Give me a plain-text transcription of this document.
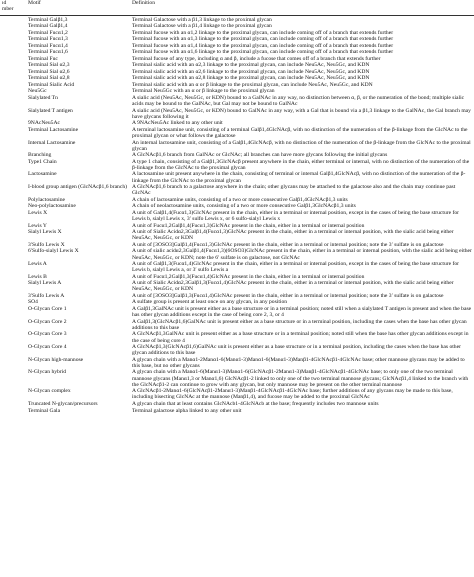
ıd
mber	Motif	Definition
	Terminal Galβ1,3	Terminal Galactose with a β1,3 linkage to the proximal glycan
	Terminal Galβ1,4	Terminal Galactose with a β1,4 linkage to the proximal glycan
	Terminal Fucα1,2	Terminal fucose with an α1,2 linkage to the proximal glycan, can include coming off of a branch that extends further
	Terminal Fucα1,3	Terminal fucose with an α1,3 linkage to the proximal glycan, can include coming off of a branch that extends further
	Terminal Fucα1,4	Terminal fucose with an α1,4 linkage to the proximal glycan, can include coming off of a branch that extends further
	Terminal Fucα1,6	Terminal fucose with an α1,6 linkage to the proximal glycan, can include coming off of a branch that extends further
	Terminal Fuc	Terminal fucose of any type, including α and β, include a fucose that comes off of a branch that extends further
	Terminal Sial α2,3	Terminal sialic acid with an α2,3 linkage to the proximal glycan, can include Neu5Ac, Neu5Gc, and KDN
	Terminal Sial α2,6	Terminal sialic acid with an α2,6 linkage to the proximal glycan, can include Neu5Ac, Neu5Gc, and KDN
	Terminal Sial α2,8	Terminal sialic acid with an α2,8 linkage to the proximal glycan, can include Neu5Ac, Neu5Gc, and KDN
	Terminal Sialic Acid	Terminal sialic acid with an α or β linkage to the proximal glycan, can include Neu5Ac, Neu5Gc, and KDN
	Neu5Gc	Terminal Neu5Gc with an α or β linkage to the proximal glycan
	Sialylated Tn	A sialic acid (Neu5Ac, Neu5Gc, or KDN) bound to a GalNAc in any way, no distinction between α, β, or the numeration of the bond; multiple sialic acids may be bound to the GalNAc, but Gal may not be bound to GalNAc
	Sialylated T antigen	A sialic acid (Neu5Ac, Neu5Gc, or KDN) bound to GalNAc in any way, with a Gal that is bound via a β1,3 linkage to the GalNAc, the Gal branch may have glycans following it
	9NAcNeu5Ac	A 9NAcNeu5Ac linked to any other unit
	Terminal Lactosamine	A terminal lactosamine unit, consisting of a terminal Galβ1,4GlcNAcβ, with no distinction of the numeration of the β-linkage from the GlcNAc to the proximal glycan or what follows the galactose
	Internal Lactosamine	An internal lactosamine unit, consisting of a Galβ1,4GlcNAcβ, with no distinction of the numeration of the β-linkage from the GlcNAc to the proximal glycan
	Branching	A GlcNAcβ1,6 branch from GalNAc or GlcNAc; all branches can have more glycans following the initial glycans
	Type1 Chain	A type 1 chain, consisting of a Galβ1,3GlcNAcβ present anywhere in the chain, either terminal or internal, with no distinction of the numeration of the β-linkage from the GlcNAc to the proximal glycan
	Lactosamine	A lactosamine unit present anywhere in the chain, consisting of terminal or internal Galβ1,4GlcNAcβ, with no distinction of the numeration of the β-linkage from the GlcNAc to the proximal glycan
	I-blood group antigen (GlcNAcβ1,6 branch)	A GlcNAcβ1,6 branch to a galactose anywhere in the chain; other glycans may be attached to the galactose also and the chain may continue past GlcNAc
	Polylactosamine	A chain of lactosamine units, consisting of a two or more consecutive Galβ1,4GlcNAcβ1,3 units
	Neo-polylactosamine	A chain of neolactosamine units, consisting of a two or more consecutive Galβ1,3GlcNAcβ1,3 units
	Lewis X	A unit of Galβ1,4(Fucα1,3)GlcNAc present in the chain, either in a terminal or internal position, except in the cases of being the base structure for Lewis b, sialyl Lewis x, 3′ sulfo Lewis x, or 6 sulfo-sialyl Lewis x
	Lewis Y	A unit of Fucα1,2Galβ1,4(Fucα1,3)GlcNAc present in the chain, either in a terminal or internal position
	Sialyl Lewis X	A unit of Sialic Acidα2,3Galβ1,4(Fucα1,3)GlcNAc present in the chain, either in a terminal or internal position, with the sialic acid being either Neu5Ac, Neu5Gc, or KDN
	3′Sulfo Lewis X	A unit of [3OSO3]Galβ1,4(Fucα1,3)GlcNAc present in the chain, either in a terminal or internal position; note the 3′ sulfate is on galactose
	6′Sulfo-sialyl Lewis X	A unit of sialic acidα2,3Galβ1,4(Fucα1,3)(6OSO3)GlcNAc present in the chain, either in a terminal or internal position, with the sialic acid being either Neu5Ac, Neu5Gc, or KDN; note the 6′ sulfate is on galactose, not GlcNAc
	Lewis A	A unit of Galβ1,3(Fucα1,4)GlcNAc present in the chain, either in a terminal or internal position, except in the cases of being the base structure for Lewis b, sialyl Lewis a, or 3′ sulfo Lewis a
	Lewis B	A unit of Fucα1,2Galβ1,3(Fucα1,4)GlcNAc present in the chain, either in a terminal or internal position
	Sialyl Lewis A	A unit of Sialic Acidα2,3Galβ1,3(Fucα1,4)GlcNAc present in the chain, either in a terminal or internal position, with the sialic acid being either Neu5Ac, Neu5Gc, or KDN
	3′Sulfo Lewis A	A unit of [3OSO3]Galβ1,3(Fucα1,4)GlcNAc present in the chain, either in a terminal or internal position; note the 3′ sulfate is on galactose
	SO4	A sulfate group is present at least once on any glycan, in any position
	O-Glycan Core 1	A Galβ1,3GalNAc unit is present either as a base structure or in a terminal position; noted still when a sialylated T antigen is present and when the base has other glycan additions except in the case of being core 2, 3, or 4
	O-Glycan Core 2	A Galβ1,3(GlcNAcβ1,6)GalNAc unit is present either as a base structure or in a terminal position, including the cases when the base has other glycan additions to this base
	O-Glycan Core 3	A GlcNAcβ1,3GalNAc unit is present either as a base structure or in a terminal position; noted still when the base has other glycan additions except in the case of being core 4
	O-Glycan Core 4	A GlcNAcβ1,3(GlcNAcβ1,6)GalNAc unit is present either as a base structure or in a terminal position, including the cases when the base has other glycan additions to this base
	N-Glycan high-mannose	A glycan chain with a Manα1-2Manα1-6(Manα1-3)Manα1-6(Manα1-3)Manβ1-4GlcNAcβ1-4GlcNAc base; other mannose glycans may be added to this base, but no other glycans
	N-Glycan hybrid	A glycan chain with a Manα1-6(Manα1-3)Manα1-6(GlcNAcβ1-2Manα1-3)Manβ1-4GlcNAcβ1-4GlcNAc base; to only one of the two terminal mannose glycans (Manα1,3 or Manα1,6) GlcNAcβ1-2 linked to only one of the two terminal mannose glycans; GlcNAcβ1,4 linked to the branch with the GlcNAcβ1-2 can continue to grow with any glycan, but only mannose may be present on the other terminal mannose
	N-Glycan complex	A GlcNAcβ1-2Manα1-6(GlcNAcβ1-2Manα1-3)Manβ1-4GlcNAcβ1-4GlcNAc base; further additions of any glycans may be made to this base, including bisecting GlcNAc at the mannose (Manβ1,4), and fucose may be added to the proximal GlcNAc
	Truncated N-glycan/precursors	A glycan chain that at least contains GlcNAcb1-4GlcNAcb at the base; frequently includes two mannose units
	Terminal Gala	Terminal galactose alpha linked to any other unit
